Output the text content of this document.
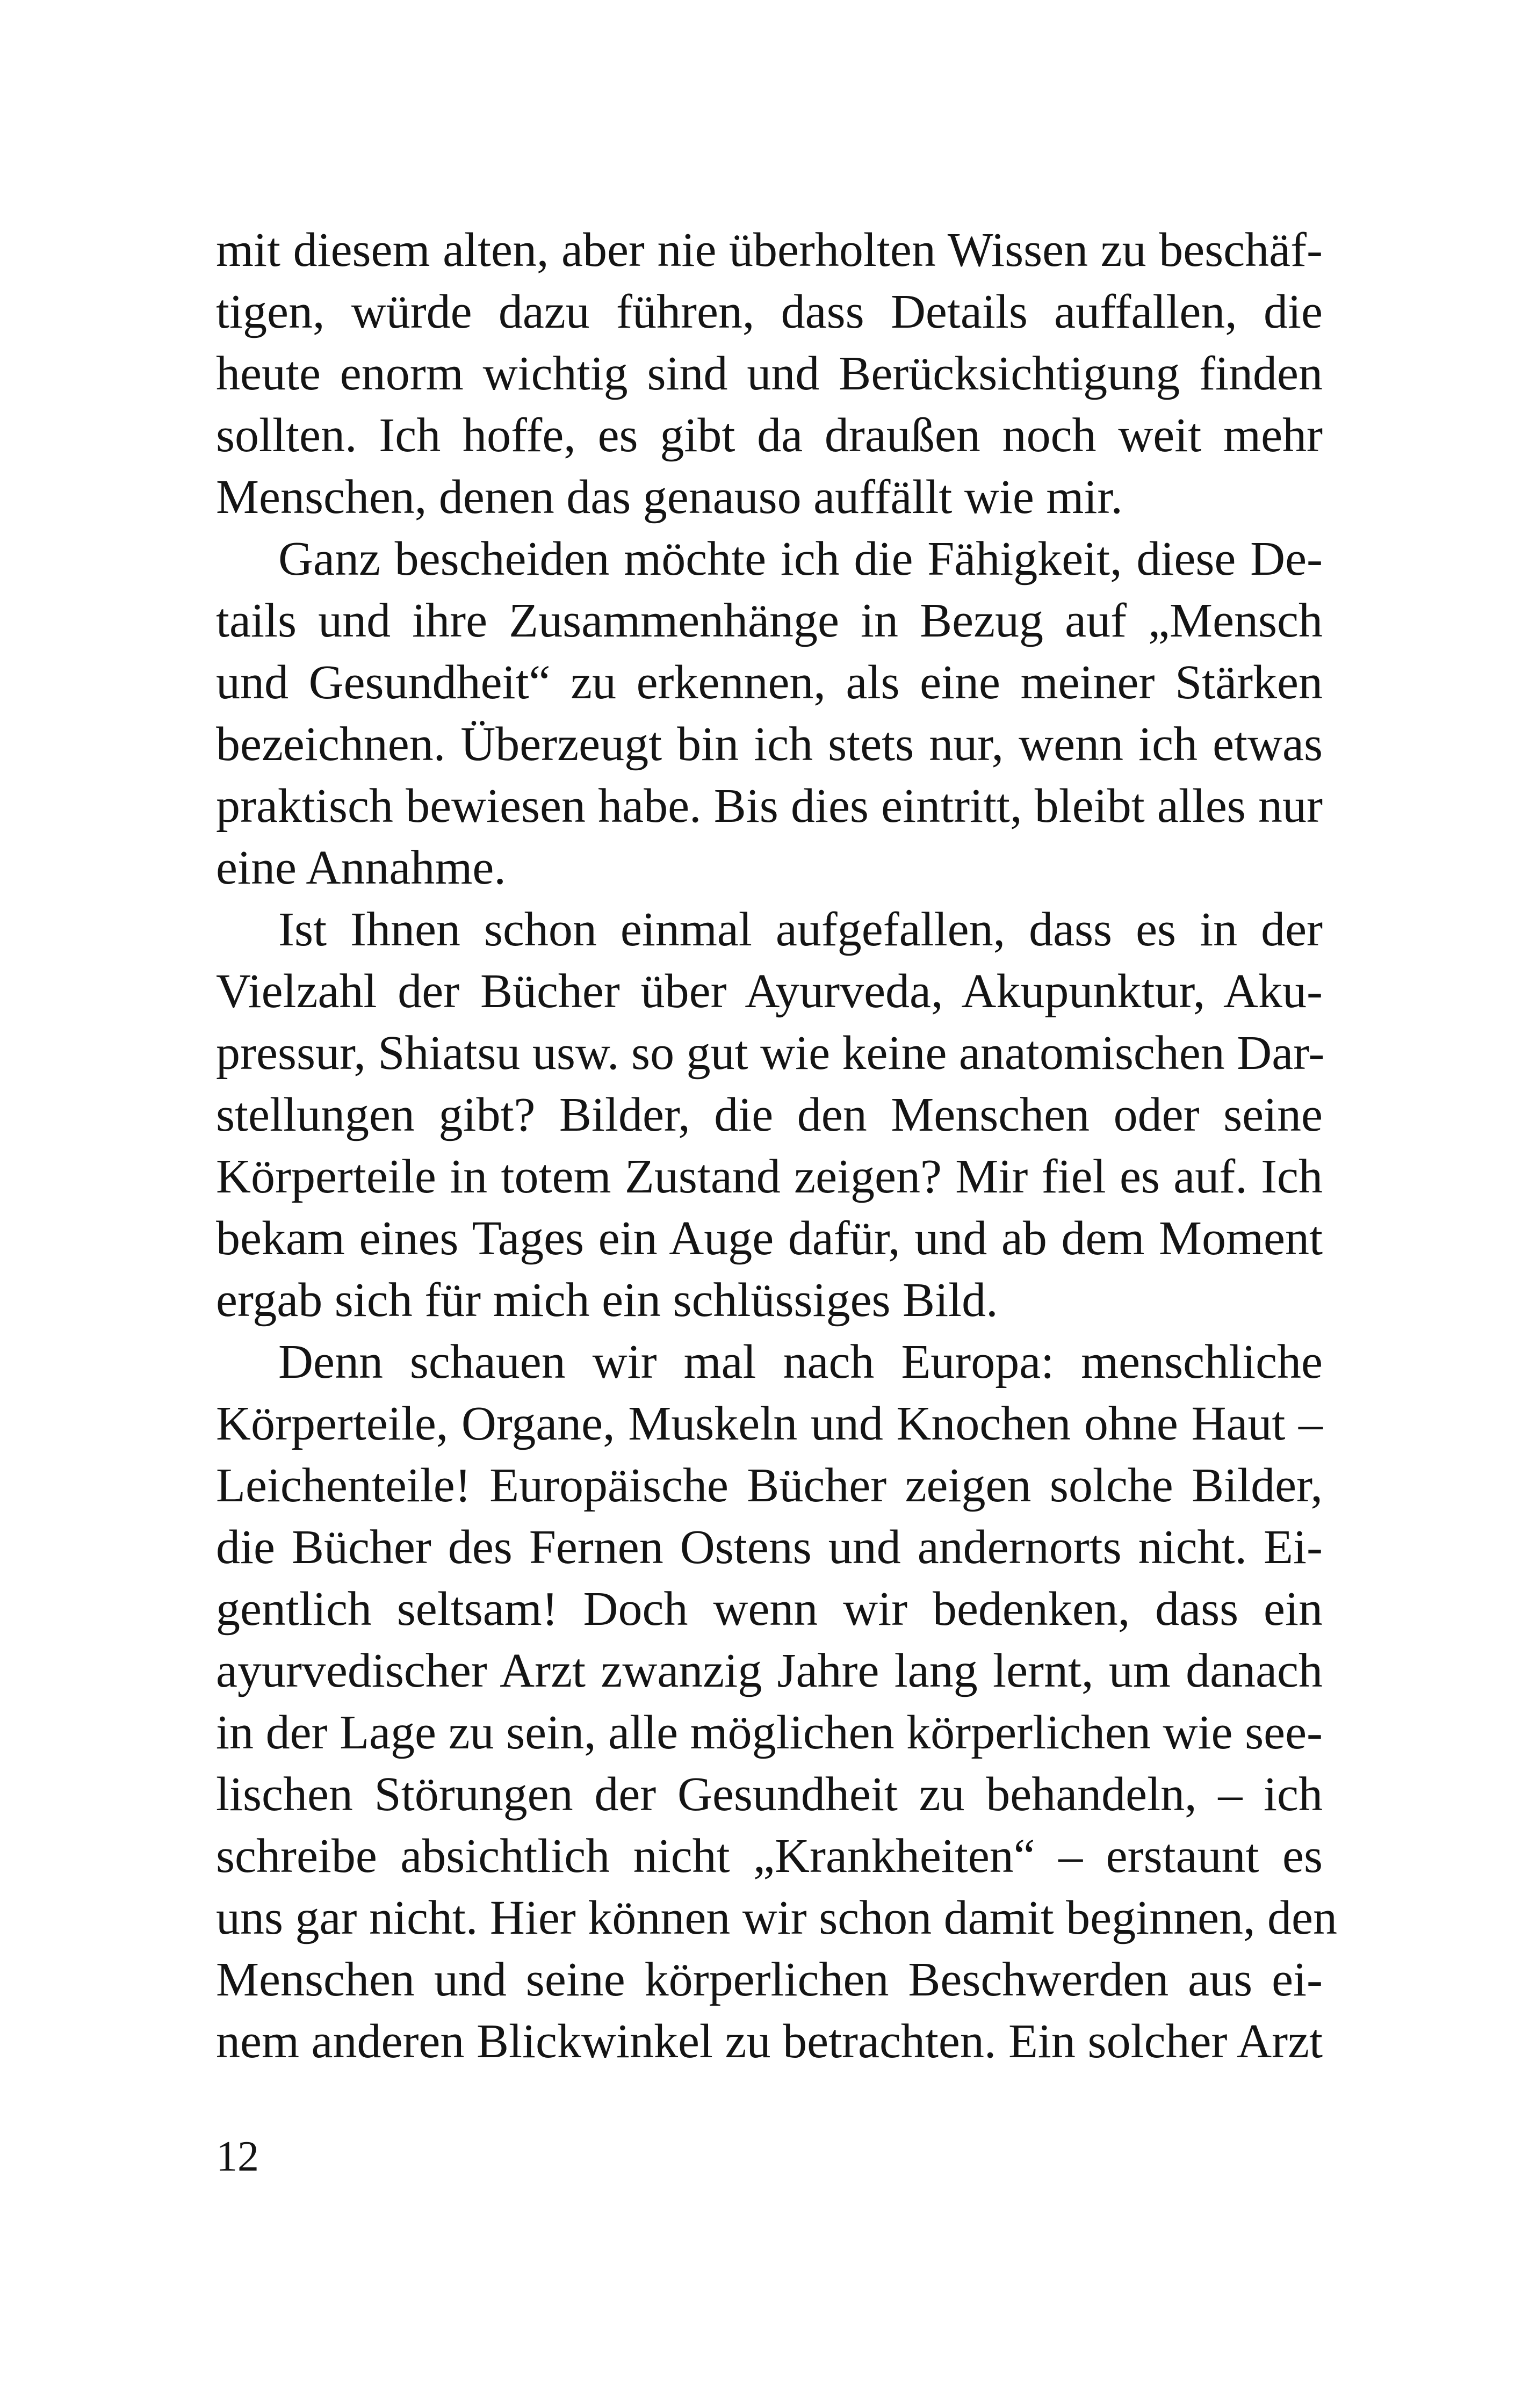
mit diesem alten, aber nie überholten Wissen zu beschäf-
tigen, würde dazu führen, dass Details auffallen, die
heute enorm wichtig sind und Berücksichtigung finden
sollten. Ich hoffe, es gibt da draußen noch weit mehr
Menschen, denen das genauso auffällt wie mir.
Ganz bescheiden möchte ich die Fähigkeit, diese De-
tails und ihre Zusammenhänge in Bezug auf „Mensch
und Gesundheit“ zu erkennen, als eine meiner Stärken
bezeichnen. Überzeugt bin ich stets nur, wenn ich etwas
praktisch bewiesen habe. Bis dies eintritt, bleibt alles nur
eine Annahme.
Ist Ihnen schon einmal aufgefallen, dass es in der
Vielzahl der Bücher über Ayurveda, Akupunktur, Aku-
pressur, Shiatsu usw. so gut wie keine anatomischen Dar-
stellungen gibt? Bilder, die den Menschen oder seine
Körperteile in totem Zustand zeigen? Mir fiel es auf. Ich
bekam eines Tages ein Auge dafür, und ab dem Moment
ergab sich für mich ein schlüssiges Bild.
Denn schauen wir mal nach Europa: menschliche
Körperteile, Organe, Muskeln und Knochen ohne Haut –
Leichenteile! Europäische Bücher zeigen solche Bilder,
die Bücher des Fernen Ostens und andernorts nicht. Ei-
gentlich seltsam! Doch wenn wir bedenken, dass ein
ayurvedischer Arzt zwanzig Jahre lang lernt, um danach
in der Lage zu sein, alle möglichen körperlichen wie see-
lischen Störungen der Gesundheit zu behandeln, – ich
schreibe absichtlich nicht „Krankheiten“ – erstaunt es
uns gar nicht. Hier können wir schon damit beginnen, den
Menschen und seine körperlichen Beschwerden aus ei-
nem anderen Blickwinkel zu betrachten. Ein solcher Arzt
12
